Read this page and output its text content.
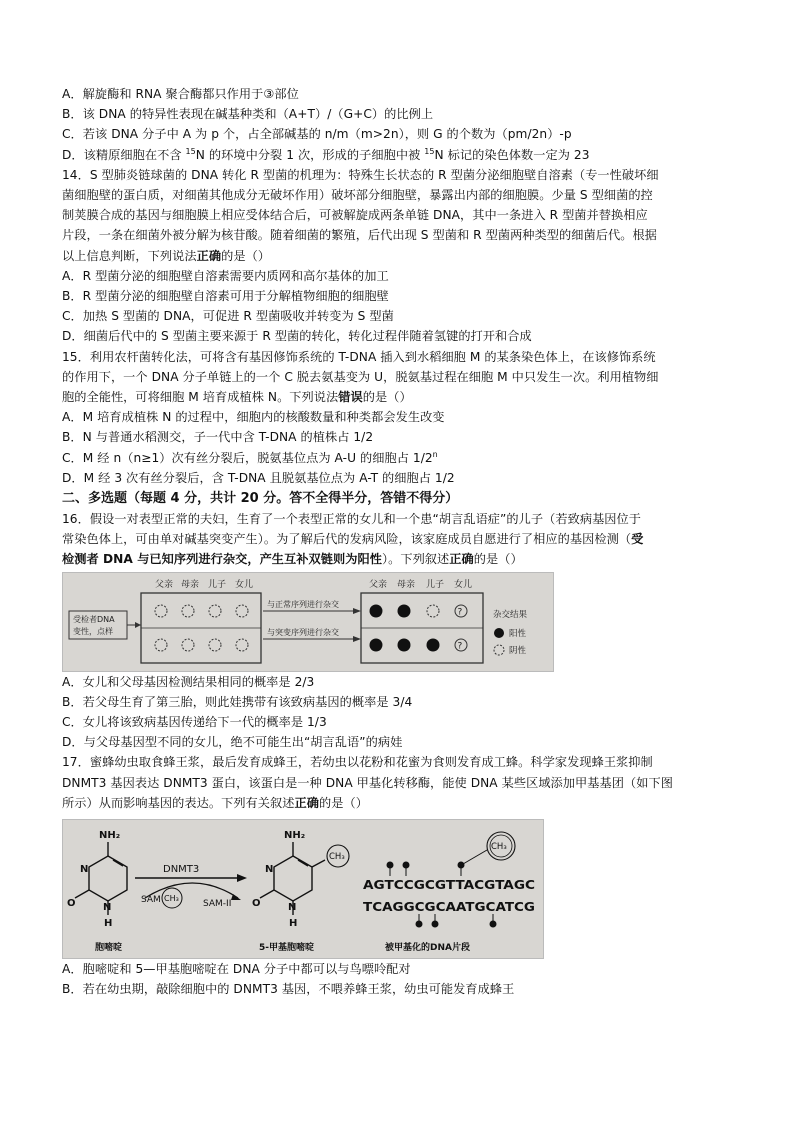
A．解旋酶和 RNA 聚合酶都只作用于③部位
B．该 DNA 的特异性表现在碱基种类和（A+T）/（G+C）的比例上
C．若该 DNA 分子中 A 为 p 个，占全部碱基的 n/m（m>2n），则 G 的个数为（pm/2n）-p
D．该精原细胞在不含 $^{15}$N 的环境中分裂 1 次，形成的子细胞中被 $^{15}$N 标记的染色体数一定为 23
14．S 型肺炎链球菌的 DNA 转化 R 型菌的机理为：特殊生长状态的 R 型菌分泌细胞壁自溶素（专一性破坏细
菌细胞壁的蛋白质，对细菌其他成分无破坏作用）破坏部分细胞壁，暴露出内部的细胞膜。少量 S 型细菌的控
制荚膜合成的基因与细胞膜上相应受体结合后，可被解旋成两条单链 DNA，其中一条进入 R 型菌并替换相应
片段，一条在细菌外被分解为核苷酸。随着细菌的繁殖，后代出现 S 型菌和 R 型菌两种类型的细菌后代。根据
以上信息判断，下列说法正确的是（）
A．R 型菌分泌的细胞壁自溶素需要内质网和高尔基体的加工
B．R 型菌分泌的细胞壁自溶素可用于分解植物细胞的细胞壁
C．加热 S 型菌的 DNA，可促进 R 型菌吸收并转变为 S 型菌
D．细菌后代中的 S 型菌主要来源于 R 型菌的转化，转化过程伴随着氢键的打开和合成
15．利用农杆菌转化法，可将含有基因修饰系统的 T-DNA 插入到水稻细胞 M 的某条染色体上，在该修饰系统
的作用下，一个 DNA 分子单链上的一个 C 脱去氨基变为 U，脱氨基过程在细胞 M 中只发生一次。利用植物细
胞的全能性，可将细胞 M 培育成植株 N。下列说法错误的是（）
A．M 培育成植株 N 的过程中，细胞内的核酸数量和种类都会发生改变
B．N 与普通水稻测交，子一代中含 T-DNA 的植株占 1/2
C．M 经 n（n≥1）次有丝分裂后，脱氨基位点为 A-U 的细胞占 1/2$^n$
D．M 经 3 次有丝分裂后，含 T-DNA 且脱氨基位点为 A-T 的细胞占 1/2
二、多选题（每题 4 分，共计 20 分。答不全得半分，答错不得分）
16．假设一对表型正常的夫妇，生育了一个表型正常的女儿和一个患“胡言乱语症”的儿子（若致病基因位于
常染色体上，可由单对碱基突变产生）。为了解后代的发病风险，该家庭成员自愿进行了相应的基因检测（受
检测者 DNA 与已知序列进行杂交，产生互补双链则为阳性）。下列叙述正确的是（）
父亲 母亲 儿子 女儿
受检者DNA
变性，点样
与正常序列进行杂交
与突变序列进行杂交
父亲 母亲 儿子 女儿
?
?
杂交结果
阳性
阴性
A．女儿和父母基因检测结果相同的概率是 2/3
B．若父母生育了第三胎，则此娃携带有该致病基因的概率是 3/4
C．女儿将该致病基因传递给下一代的概率是 1/3
D．与父母基因型不同的女儿，绝不可能生出“胡言乱语”的病娃
17．蜜蜂幼虫取食蜂王浆，最后发育成蜂王，若幼虫以花粉和花蜜为食则发育成工蜂。科学家发现蜂王浆抑制
DNMT3 基因表达 DNMT3 蛋白，该蛋白是一种 DNA 甲基化转移酶，能使 DNA 某些区域添加甲基基团（如下图
所示）从而影响基因的表达。下列有关叙述正确的是（）
NH₂
N
O	N
H
胞嘧啶
DNMT3
SAM CH₃
SAM-II
NH₂
N
O	N
H
CH₃
5-甲基胞嘧啶
CH₃
AGTCCGCGTTACGTAGC
TCAGGCGCAATGCATCG
被甲基化的DNA片段
A．胞嘧啶和 5—甲基胞嘧啶在 DNA 分子中都可以与鸟嘌呤配对
B．若在幼虫期，敲除细胞中的 DNMT3 基因，不喂养蜂王浆，幼虫可能发育成蜂王
